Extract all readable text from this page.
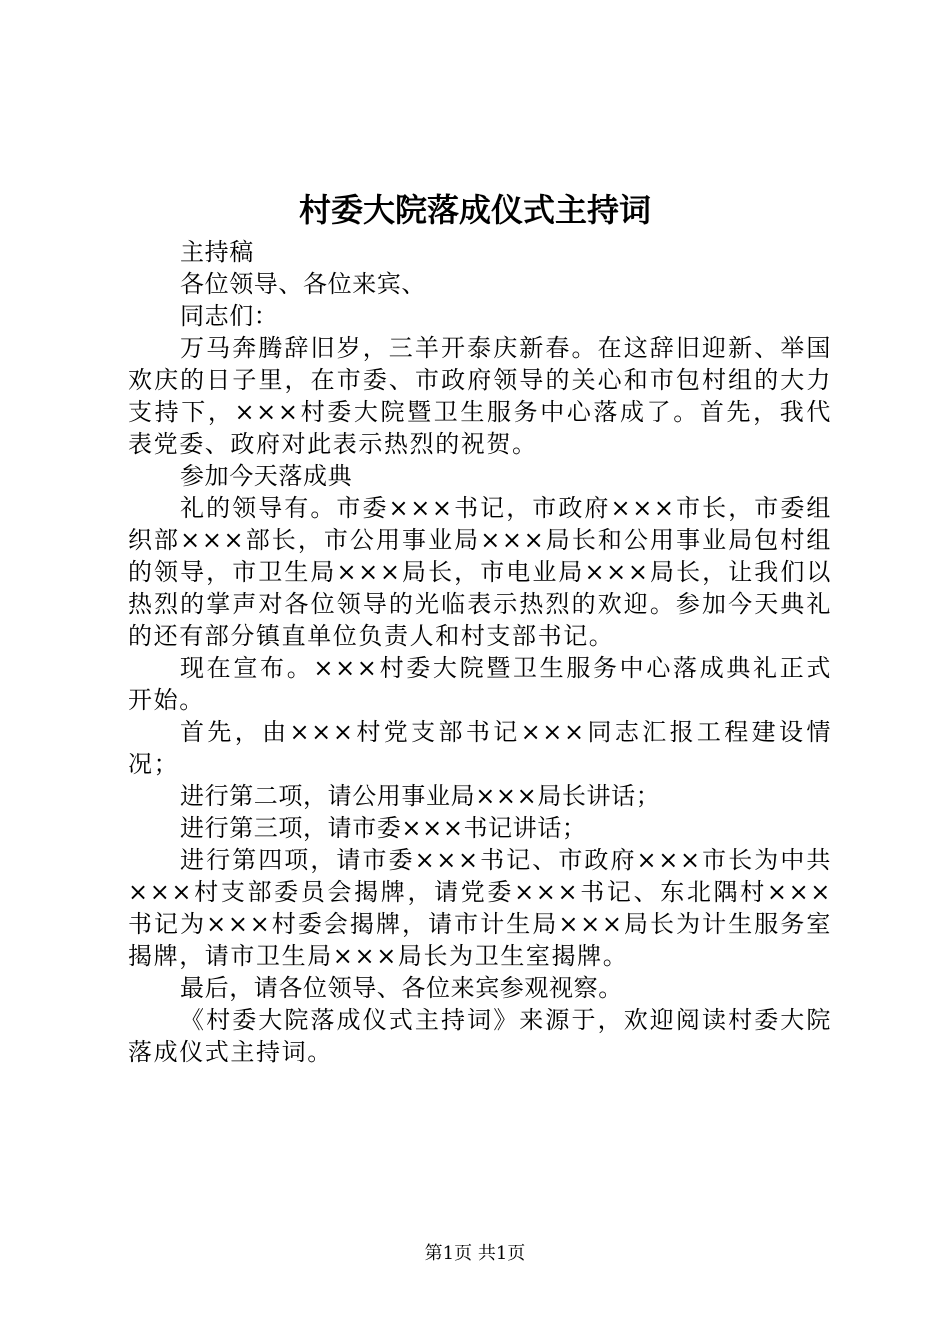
村委大院落成仪式主持词

主持稿

各位领导、各位来宾、

同志们：

万马奔腾辞旧岁，三羊开泰庆新春。在这辞旧迎新、举国欢庆的日子里，在市委、市政府领导的关心和市包村组的大力支持下，×××村委大院暨卫生服务中心落成了。首先，我代表党委、政府对此表示热烈的祝贺。

参加今天落成典

礼的领导有。市委×××书记，市政府×××市长，市委组织部×××部长，市公用事业局×××局长和公用事业局包村组的领导，市卫生局×××局长，市电业局×××局长，让我们以热烈的掌声对各位领导的光临表示热烈的欢迎。参加今天典礼的还有部分镇直单位负责人和村支部书记。

现在宣布。×××村委大院暨卫生服务中心落成典礼正式开始。

首先，由×××村党支部书记×××同志汇报工程建设情况；

进行第二项，请公用事业局×××局长讲话；

进行第三项，请市委×××书记讲话；

进行第四项，请市委×××书记、市政府×××市长为中共×××村支部委员会揭牌，请党委×××书记、东北隅村×××书记为×××村委会揭牌，请市计生局×××局长为计生服务室揭牌，请市卫生局×××局长为卫生室揭牌。

最后，请各位领导、各位来宾参观视察。

《村委大院落成仪式主持词》来源于，欢迎阅读村委大院落成仪式主持词。

第1页 共1页
